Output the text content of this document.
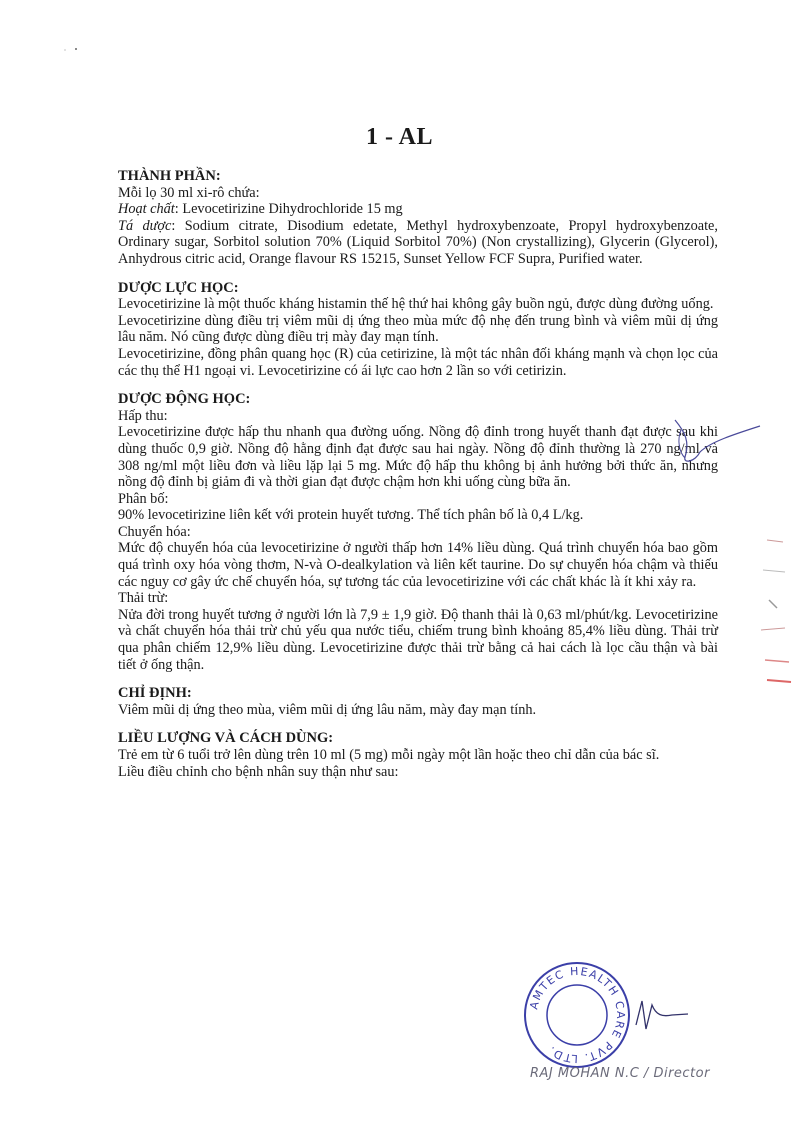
1 - AL

THÀNH PHẦN:

Mỗi lọ 30 ml xi-rô chứa:

Hoạt chất: Levocetirizine Dihydrochloride 15 mg

Tá dược: Sodium citrate, Disodium edetate, Methyl hydroxybenzoate, Propyl hydroxybenzoate, Ordinary sugar, Sorbitol solution 70% (Liquid Sorbitol 70%) (Non crystallizing), Glycerin (Glycerol), Anhydrous citric acid, Orange flavour RS 15215, Sunset Yellow FCF Supra, Purified water.

DƯỢC LỰC HỌC:

Levocetirizine là một thuốc kháng histamin thế hệ thứ hai không gây buồn ngủ, được dùng đường uống.

Levocetirizine dùng điều trị viêm mũi dị ứng theo mùa mức độ nhẹ đến trung bình và viêm mũi dị ứng lâu năm. Nó cũng được dùng điều trị mày đay mạn tính.

Levocetirizine, đồng phân quang học (R) của cetirizine, là một tác nhân đối kháng mạnh và chọn lọc của các thụ thể H1 ngoại vi. Levocetirizine có ái lực cao hơn 2 lần so với cetirizin.

DƯỢC ĐỘNG HỌC:

Hấp thu:

Levocetirizine được hấp thu nhanh qua đường uống. Nồng độ đỉnh trong huyết thanh đạt được sau khi dùng thuốc 0,9 giờ. Nồng độ hằng định đạt được sau hai ngày. Nồng độ đỉnh thường là 270 ng/ml và 308 ng/ml một liều đơn và liều lặp lại 5 mg. Mức độ hấp thu không bị ảnh hưởng bởi thức ăn, nhưng nồng độ đỉnh bị giảm đi và thời gian đạt được chậm hơn khi uống cùng bữa ăn.

Phân bố:

90% levocetirizine liên kết với protein huyết tương. Thể tích phân bố là 0,4 L/kg.

Chuyển hóa:

Mức độ chuyển hóa của levocetirizine ở người thấp hơn 14% liều dùng. Quá trình chuyển hóa bao gồm quá trình oxy hóa vòng thơm, N-và O-dealkylation và liên kết taurine. Do sự chuyển hóa chậm và thiếu các nguy cơ gây ức chế chuyển hóa, sự tương tác của levocetirizine với các chất khác là ít khi xảy ra.

Thải trừ:

Nửa đời trong huyết tương ở người lớn là 7,9 ± 1,9 giờ. Độ thanh thải là 0,63 ml/phút/kg. Levocetirizine và chất chuyển hóa thải trừ chủ yếu qua nước tiểu, chiếm trung bình khoảng 85,4% liều dùng. Thải trừ qua phân chiếm 12,9% liều dùng. Levocetirizine được thải trừ bằng cả hai cách là lọc cầu thận và bài tiết ở ống thận.

CHỈ ĐỊNH:

Viêm mũi dị ứng theo mùa, viêm mũi dị ứng lâu năm, mày đay mạn tính.

LIỀU LƯỢNG VÀ CÁCH DÙNG:

Trẻ em từ 6 tuổi trở lên dùng trên 10 ml (5 mg) mỗi ngày một lần hoặc theo chỉ dẫn của bác sĩ.

Liều điều chỉnh cho bệnh nhân suy thận như sau:

AMTEC HEALTH CARE PVT. LTD.
RAJ MOHAN N.C / Director
